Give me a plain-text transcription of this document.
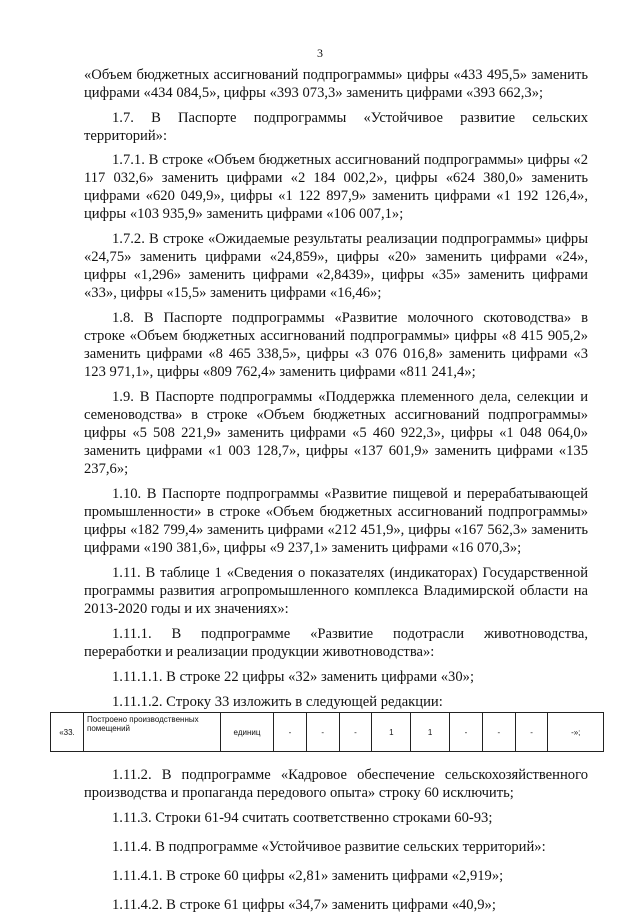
3

«Объем бюджетных ассигнований подпрограммы» цифры «433 495,5» заменить цифрами «434 084,5», цифры «393 073,3» заменить цифрами «393 662,3»;

1.7. В Паспорте подпрограммы «Устойчивое развитие сельских территорий»:

1.7.1. В строке «Объем бюджетных ассигнований подпрограммы» цифры «2 117 032,6» заменить цифрами «2 184 002,2», цифры «624 380,0» заменить цифрами «620 049,9», цифры «1 122 897,9» заменить цифрами «1 192 126,4», цифры «103 935,9» заменить цифрами «106 007,1»;

1.7.2. В строке «Ожидаемые результаты реализации подпрограммы» цифры «24,75» заменить цифрами «24,859», цифры «20» заменить цифрами «24», цифры «1,296» заменить цифрами «2,8439», цифры «35» заменить цифрами «33», цифры «15,5» заменить цифрами «16,46»;

1.8. В Паспорте подпрограммы «Развитие молочного скотоводства» в строке «Объем бюджетных ассигнований подпрограммы» цифры «8 415 905,2» заменить цифрами «8 465 338,5», цифры «3 076 016,8» заменить цифрами «3 123 971,1», цифры «809 762,4» заменить цифрами «811 241,4»;

1.9. В Паспорте подпрограммы «Поддержка племенного дела, селекции и семеноводства» в строке «Объем бюджетных ассигнований подпрограммы» цифры «5 508 221,9» заменить цифрами «5 460 922,3», цифры «1 048 064,0» заменить цифрами «1 003 128,7», цифры «137 601,9» заменить цифрами «135 237,6»;

1.10. В Паспорте подпрограммы «Развитие пищевой и перерабатывающей промышленности» в строке «Объем бюджетных ассигнований подпрограммы» цифры «182 799,4» заменить цифрами «212 451,9», цифры «167 562,3» заменить цифрами «190 381,6», цифры «9 237,1» заменить цифрами «16 070,3»;

1.11. В таблице 1 «Сведения о показателях (индикаторах) Государственной программы развития агропромышленного комплекса Владимирской области на 2013-2020 годы и их значениях»:

1.11.1. В подпрограмме «Развитие подотрасли животноводства, переработки и реализации продукции животноводства»:

1.11.1.1. В строке 22 цифры «32» заменить цифрами «30»;

1.11.1.2. Строку 33 изложить в следующей редакции:

«33.	Построено производственных помещений	единиц	-	-	-	1	1	-	-	-	-»;

1.11.2. В подпрограмме «Кадровое обеспечение сельскохозяйственного производства и пропаганда передового опыта» строку 60 исключить;

1.11.3. Строки 61-94 считать соответственно строками 60-93;

1.11.4. В подпрограмме «Устойчивое развитие сельских территорий»:

1.11.4.1. В строке 60 цифры «2,81» заменить цифрами «2,919»;

1.11.4.2. В строке 61 цифры «34,7» заменить цифрами «40,9»;
